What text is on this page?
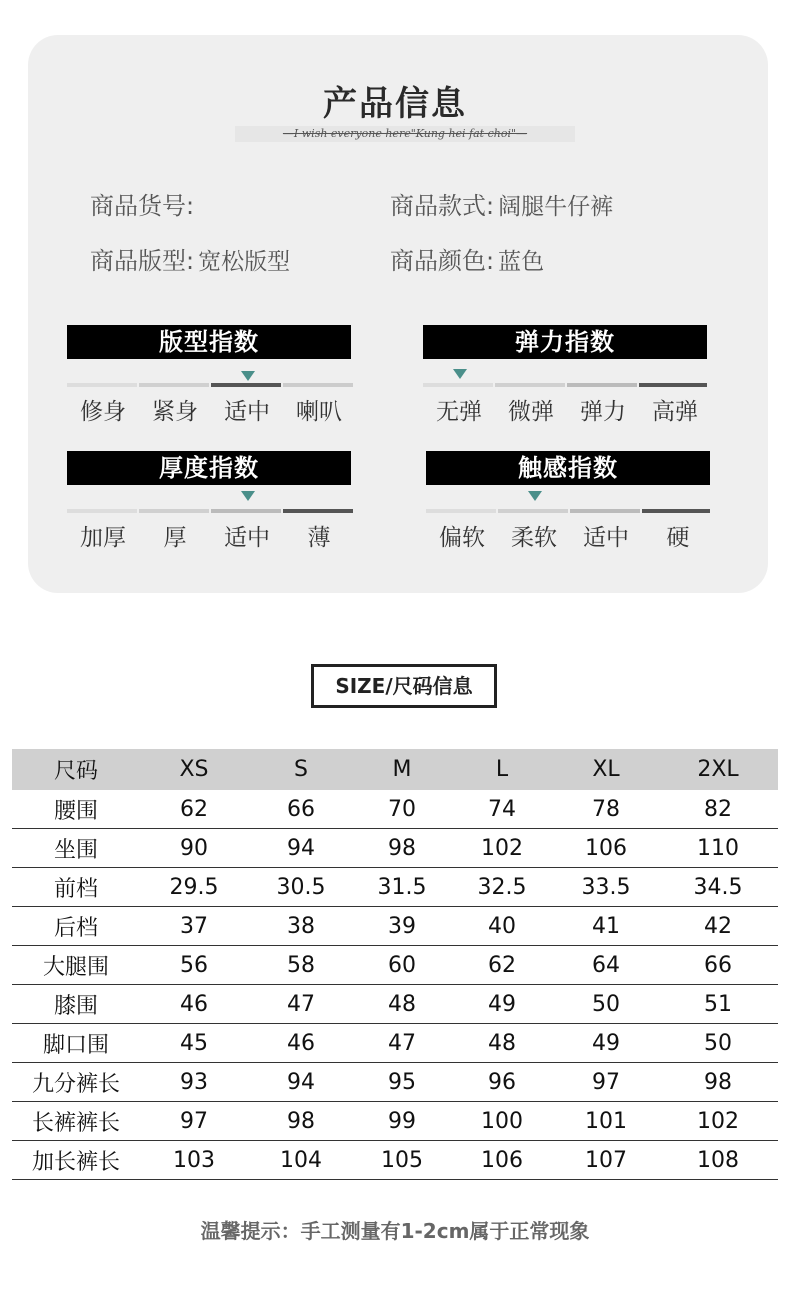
产品信息
—I wish everyone here"Kung hei fat choi"—
商品货号:	商品款式: 阔腿牛仔裤
商品版型: 宽松版型	商品颜色: 蓝色
版型指数
修身	紧身	适中	喇叭
弹力指数
无弹	微弹	弹力	高弹
厚度指数
加厚	厚	适中	薄
触感指数
偏软	柔软	适中	硬
SIZE/尺码信息
尺码	XS	S	M	L	XL	2XL
腰围	62	66	70	74	78	82
坐围	90	94	98	102	106	110
前档	29.5	30.5	31.5	32.5	33.5	34.5
后档	37	38	39	40	41	42
大腿围	56	58	60	62	64	66
膝围	46	47	48	49	50	51
脚口围	45	46	47	48	49	50
九分裤长	93	94	95	96	97	98
长裤裤长	97	98	99	100	101	102
加长裤长	103	104	105	106	107	108
温馨提示：手工测量有1-2cm属于正常现象
